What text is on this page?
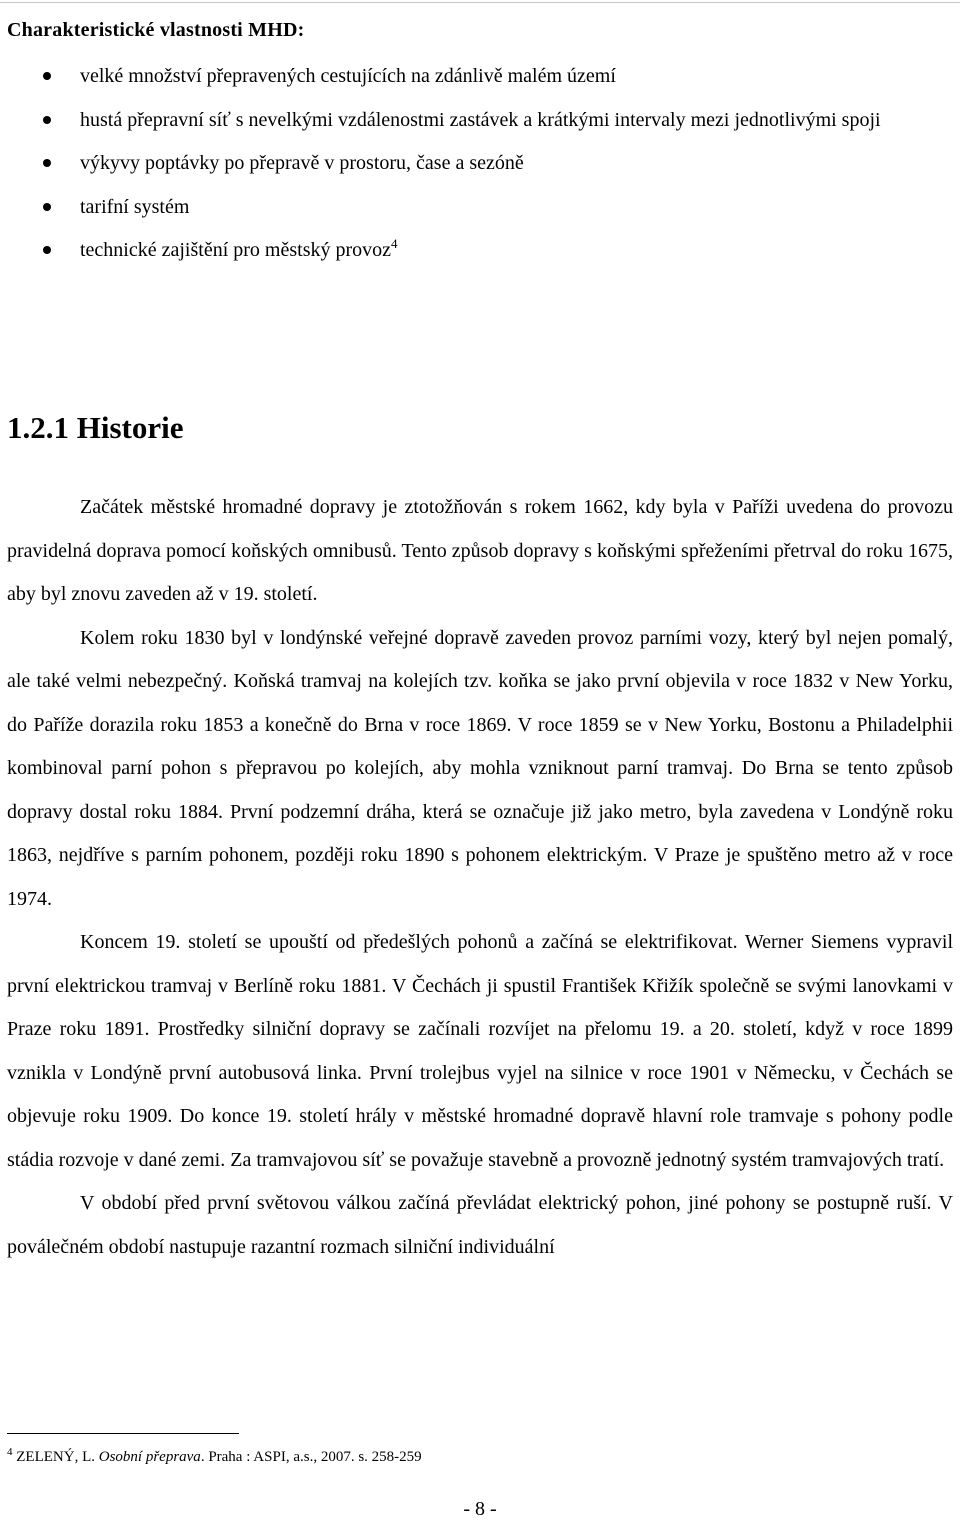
Charakteristické vlastnosti MHD:
velké množství přepravených cestujících na zdánlivě malém území
hustá přepravní síť s nevelkými vzdálenostmi zastávek a krátkými intervaly mezi jednotlivými spoji
výkyvy poptávky po přepravě v prostoru, čase a sezóně
tarifní systém
technické zajištění pro městský provoz$^4$
1.2.1 Historie

Začátek městské hromadné dopravy je ztotožňován s rokem 1662, kdy byla v Paříži uvedena do provozu pravidelná doprava pomocí koňských omnibusů. Tento způsob dopravy s koňskými spřeženími přetrval do roku 1675, aby byl znovu zaveden až v 19. století.

Kolem roku 1830 byl v londýnské veřejné dopravě zaveden provoz parními vozy, který byl nejen pomalý, ale také velmi nebezpečný. Koňská tramvaj na kolejích tzv. koňka se jako první objevila v roce 1832 v New Yorku, do Paříže dorazila roku 1853 a konečně do Brna v roce 1869. V roce 1859 se v New Yorku, Bostonu a Philadelphii kombinoval parní pohon s přepravou po kolejích, aby mohla vzniknout parní tramvaj. Do Brna se tento způsob dopravy dostal roku 1884. První podzemní dráha, která se označuje již jako metro, byla zavedena v Londýně roku 1863, nejdříve s parním pohonem, později roku 1890 s pohonem elektrickým. V Praze je spuštěno metro až v roce 1974.

Koncem 19. století se upouští od předešlých pohonů a začíná se elektrifikovat. Werner Siemens vypravil první elektrickou tramvaj v Berlíně roku 1881. V Čechách ji spustil František Křižík společně se svými lanovkami v Praze roku 1891. Prostředky silniční dopravy se začínali rozvíjet na přelomu 19. a 20. století, když v roce 1899 vznikla v Londýně první autobusová linka. První trolejbus vyjel na silnice v roce 1901 v Německu, v Čechách se objevuje roku 1909. Do konce 19. století hrály v městské hromadné dopravě hlavní role tramvaje s pohony podle stádia rozvoje v dané zemi. Za tramvajovou síť se považuje stavebně a provozně jednotný systém tramvajových tratí.

V období před první světovou válkou začíná převládat elektrický pohon, jiné pohony se postupně ruší. V poválečném období nastupuje razantní rozmach silniční individuální

$^4$ ZELENÝ, L. Osobní přeprava. Praha : ASPI, a.s., 2007. s. 258-259
- 8 -
